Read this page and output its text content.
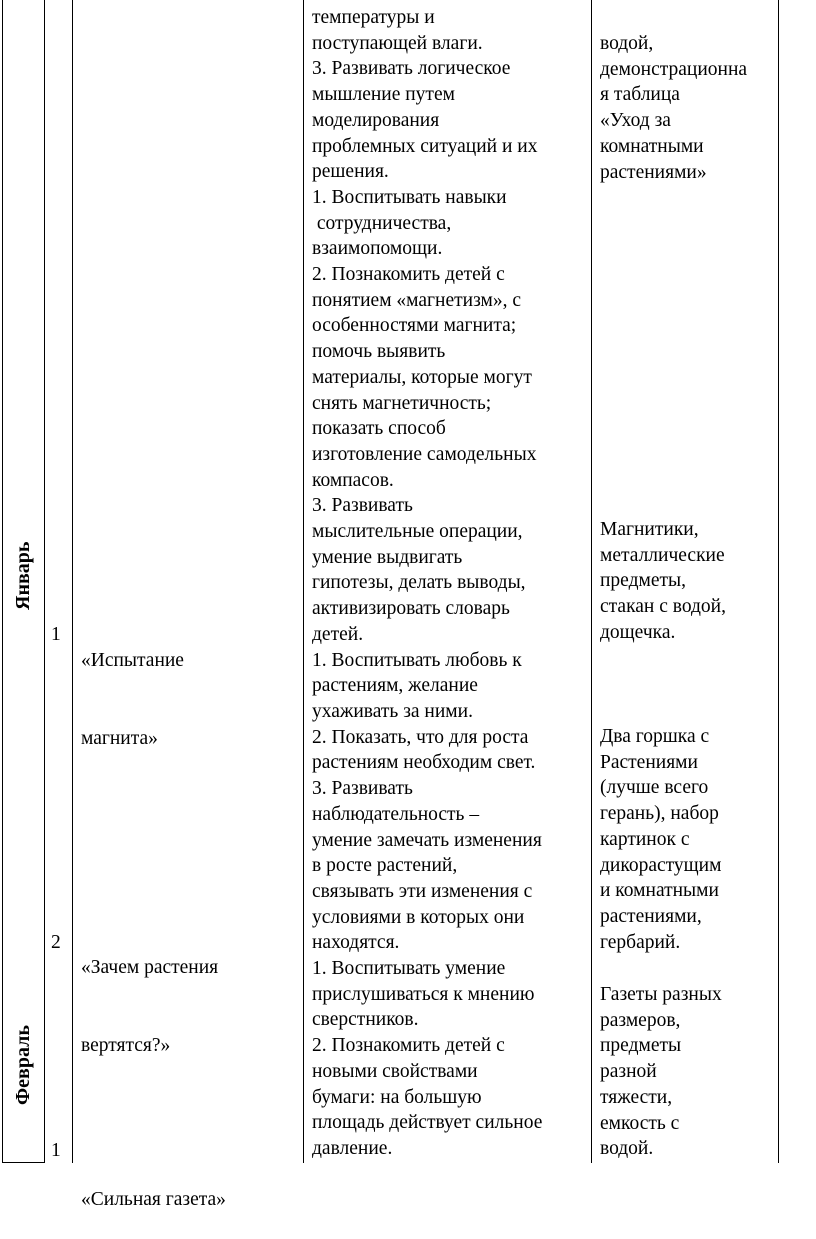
Январь
Февраль
1
2
1

«Испытание

магнита»

«Зачем растения

вертятся?»

«Сильная газета»

температуры и
поступающей влаги.
3. Развивать логическое
мышление путем
моделирования
проблемных ситуаций и их
решения.
1. Воспитывать навыки
сотрудничества,
взаимопомощи.
2. Познакомить детей с
понятием «магнетизм», с
особенностями магнита;
помочь выявить
материалы, которые могут
снять магнетичность;
показать способ
изготовление самодельных
компасов.
3. Развивать
мыслительные операции,
умение выдвигать
гипотезы, делать выводы,
активизировать словарь
детей.
1. Воспитывать любовь к
растениям, желание
ухаживать за ними.
2. Показать, что для роста
растениям необходим свет.
3. Развивать
наблюдательность –
умение замечать изменения
в росте растений,
связывать эти изменения с
условиями в которых они
находятся.
1. Воспитывать умение
прислушиваться к мнению
сверстников.
2. Познакомить детей с
новыми свойствами
бумаги: на большую
площадь действует сильное
давление.
водой,
демонстрационна
я таблица
«Уход за
комнатными
растениями»
Магнитики,
металлические
предметы,
стакан с водой,
дощечка.
Два горшка с
Растениями
(лучше всего
герань), набор
картинок с
дикорастущим
и комнатными
растениями,
гербарий.
Газеты разных
размеров,
предметы
разной
тяжести,
емкость с
водой.
